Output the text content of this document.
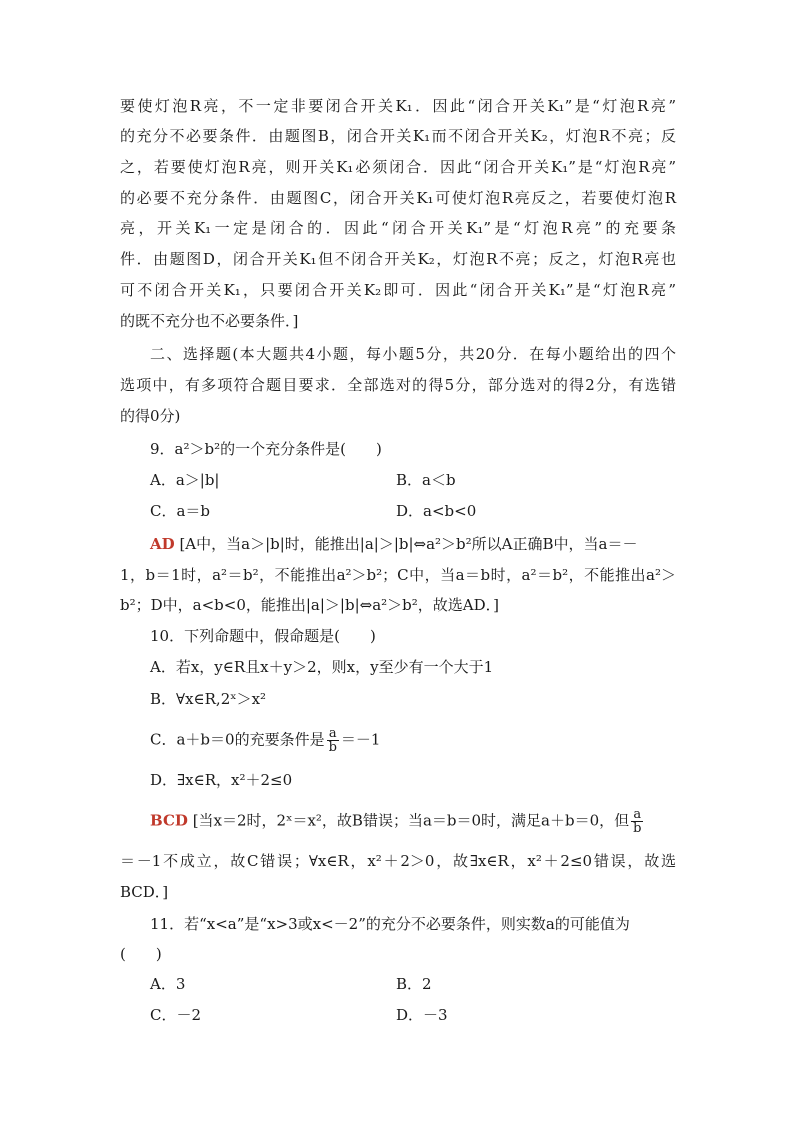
要使灯泡R亮，不一定非要闭合开关K₁．因此“闭合开关K₁”是“灯泡R亮”
的充分不必要条件．由题图B，闭合开关K₁而不闭合开关K₂，灯泡R不亮；反
之，若要使灯泡R亮，则开关K₁必须闭合．因此“闭合开关K₁”是“灯泡R亮”
的必要不充分条件．由题图C，闭合开关K₁可使灯泡R亮反之，若要使灯泡R
亮，开关K₁一定是闭合的．因此“闭合开关K₁”是“灯泡R亮”的充要条
件．由题图D，闭合开关K₁但不闭合开关K₂，灯泡R不亮；反之，灯泡R亮也
可不闭合开关K₁，只要闭合开关K₂即可．因此“闭合开关K₁”是“灯泡R亮”
的既不充分也不必要条件．]
二、选择题(本大题共4小题，每小题5分，共20分．在每小题给出的四个
选项中，有多项符合题目要求．全部选对的得5分，部分选对的得2分，有选错
的得0分)
9．a²＞b²的一个充分条件是(　　)
A．a＞|b|	B．a＜b
C．a＝b	D．a<b<0
AD [A中，当a＞|b|时，能推出|a|＞|b|⇔a²＞b²所以A正确B中，当a＝－
1，b＝1时，a²＝b²，不能推出a²＞b²；C中，当a＝b时，a²＝b²，不能推出a²＞
b²；D中，a<b<0，能推出|a|＞|b|⇔a²＞b²，故选AD．]
10．下列命题中，假命题是(　　)
A．若x，y∈R且x＋y＞2，则x，y至少有一个大于1
B．∀x∈R,2ˣ＞x²
C．a＋b＝0的充要条件是 $\frac{a}{b} =-1$
D．∃x∈R，x²＋2≤0
BCD [当x＝2时，2ˣ＝x²，故B错误；当a＝b＝0时，满足a＋b＝0，但 $\frac{a}{b}$
＝－1不成立，故C错误；∀x∈R，x²＋2＞0，故∃x∈R，x²＋2≤0错误，故选
BCD．]
11．若“x<a”是“x>3或x<－2”的充分不必要条件，则实数a的可能值为
(　　)
A．3	B．2
C．－2	D．－3
